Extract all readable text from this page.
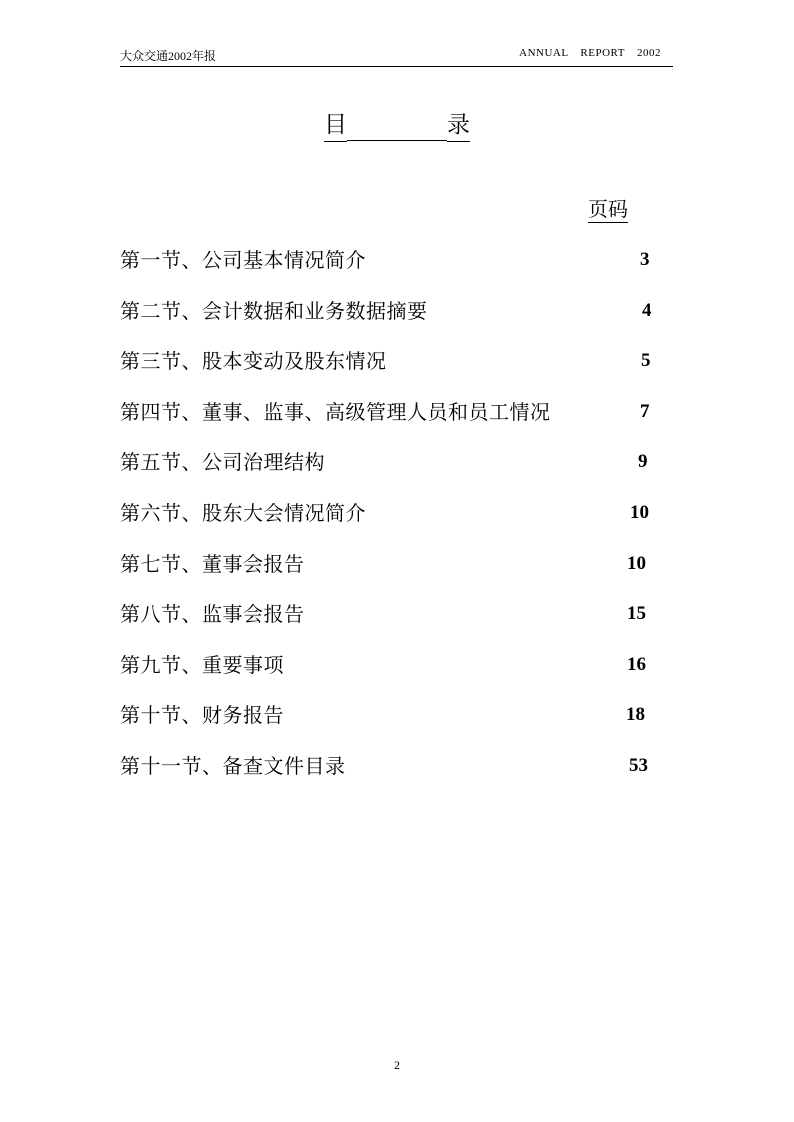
大众交通2002年报	ANNUAL REPORT 2002
目	录
页码
第一节、公司基本情况简介	3
第二节、会计数据和业务数据摘要	4
第三节、股本变动及股东情况	5
第四节、董事、监事、高级管理人员和员工情况	7
第五节、公司治理结构	9
第六节、股东大会情况简介	10
第七节、董事会报告	10
第八节、监事会报告	15
第九节、重要事项	16
第十节、财务报告	18
第十一节、备查文件目录	53
2
